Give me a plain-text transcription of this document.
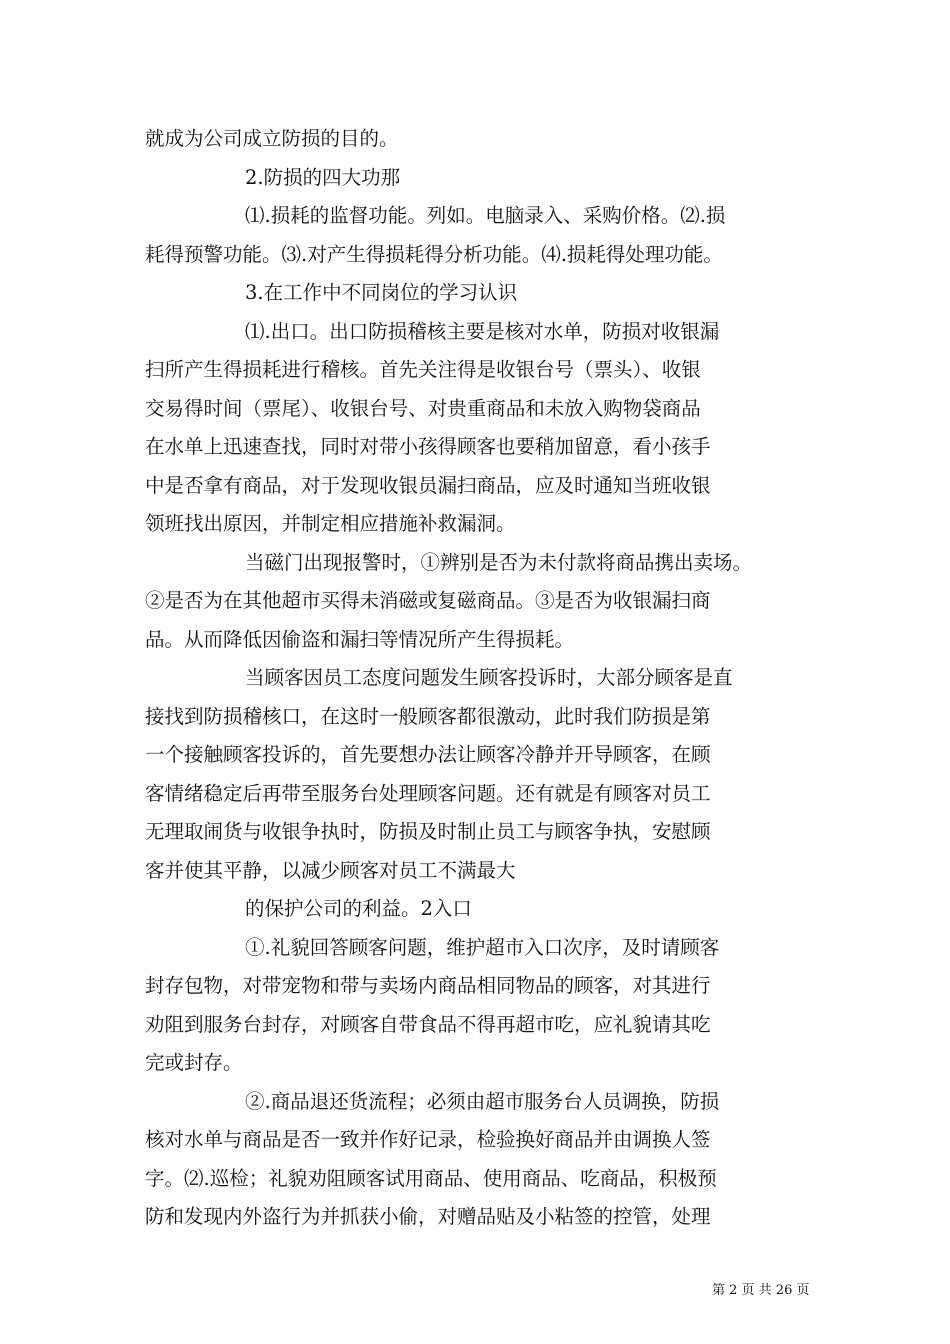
就成为公司成立防损的目的。
2.防损的四大功那
⑴.损耗的监督功能。列如。电脑录入、采购价格。⑵.损
耗得预警功能。⑶.对产生得损耗得分析功能。⑷.损耗得处理功能。
3.在工作中不同岗位的学习认识
⑴.出口。出口防损稽核主要是核对水单，防损对收银漏
扫所产生得损耗进行稽核。首先关注得是收银台号（票头）、收银
交易得时间（票尾）、收银台号、对贵重商品和未放入购物袋商品
在水单上迅速查找，同时对带小孩得顾客也要稍加留意，看小孩手
中是否拿有商品，对于发现收银员漏扫商品，应及时通知当班收银
领班找出原因，并制定相应措施补救漏洞。
当磁门出现报警时，①辨别是否为未付款将商品携出卖场。
②是否为在其他超市买得未消磁或复磁商品。③是否为收银漏扫商
品。从而降低因偷盗和漏扫等情况所产生得损耗。
当顾客因员工态度问题发生顾客投诉时，大部分顾客是直
接找到防损稽核口，在这时一般顾客都很激动，此时我们防损是第
一个接触顾客投诉的，首先要想办法让顾客冷静并开导顾客，在顾
客情绪稳定后再带至服务台处理顾客问题。还有就是有顾客对员工
无理取闹货与收银争执时，防损及时制止员工与顾客争执，安慰顾
客并使其平静，以减少顾客对员工不满最大
的保护公司的利益。2入口
①.礼貌回答顾客问题，维护超市入口次序，及时请顾客
封存包物，对带宠物和带与卖场内商品相同物品的顾客，对其进行
劝阻到服务台封存，对顾客自带食品不得再超市吃，应礼貌请其吃
完或封存。
②.商品退还货流程；必须由超市服务台人员调换，防损
核对水单与商品是否一致并作好记录，检验换好商品并由调换人签
字。⑵.巡检；礼貌劝阻顾客试用商品、使用商品、吃商品，积极预
防和发现内外盗行为并抓获小偷，对赠品贴及小粘签的控管，处理
第 2 页 共 26 页
